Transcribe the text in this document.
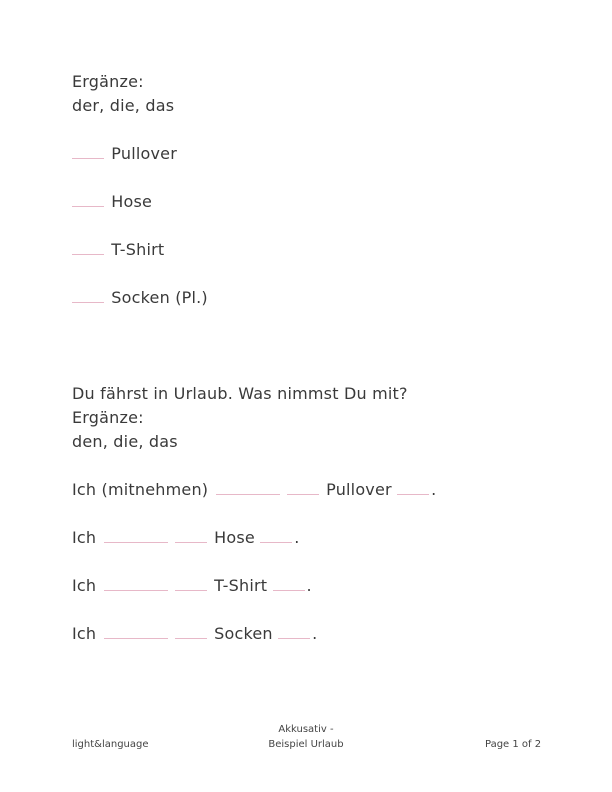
Ergänze:
der, die, das
Pullover
Hose
T-Shirt
Socken (Pl.)
Du fährst in Urlaub. Was nimmst Du mit?
Ergänze:
den, die, das
Ich (mitnehmen)	Pullover .
Ich	Hose .
Ich	T-Shirt .
Ich	Socken .
light&language
Akkusativ -
Beispiel Urlaub	Page 1 of 2
